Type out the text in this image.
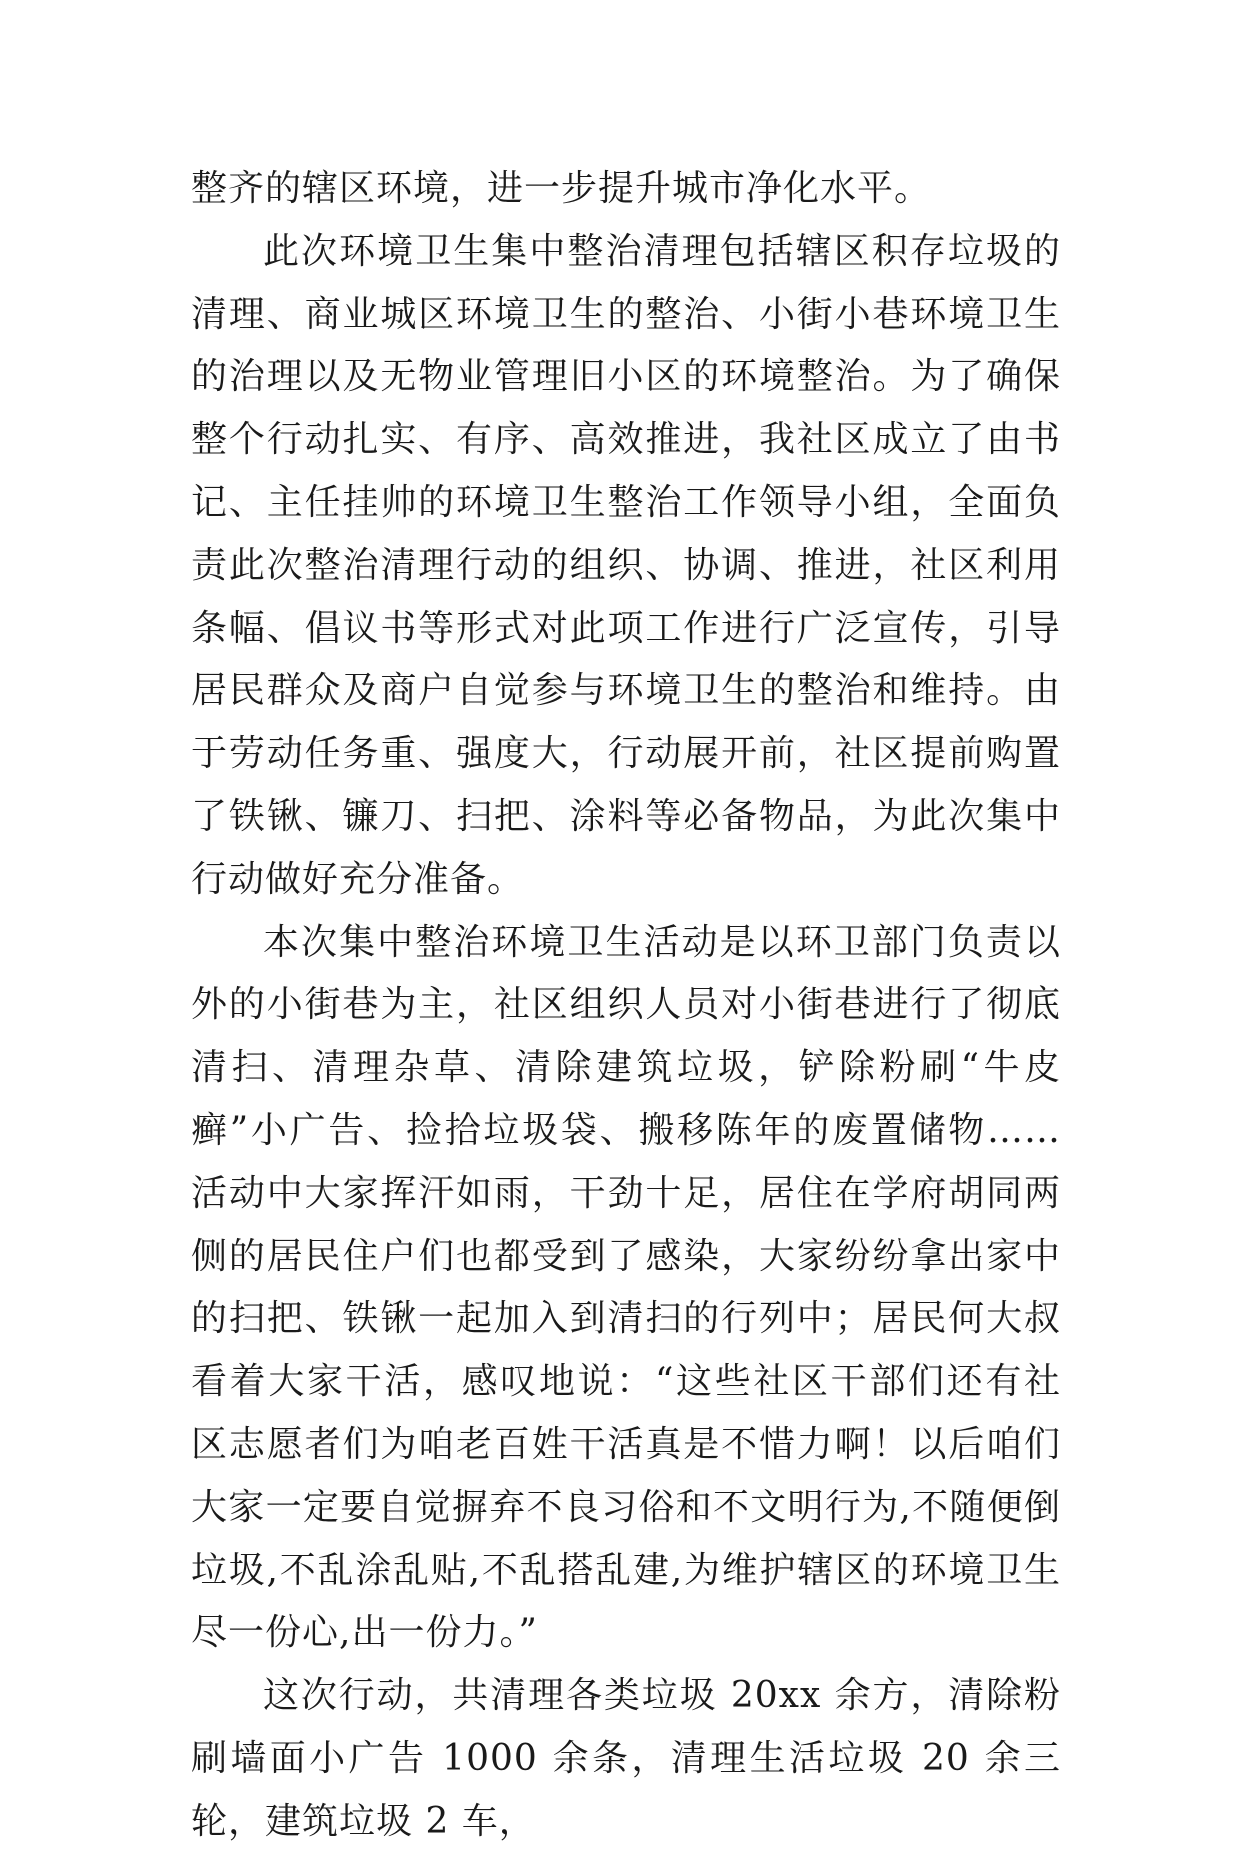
整齐的辖区环境，进一步提升城市净化水平。

此次环境卫生集中整治清理包括辖区积存垃圾的清理、商业城区环境卫生的整治、小街小巷环境卫生的治理以及无物业管理旧小区的环境整治。为了确保整个行动扎实、有序、高效推进，我社区成立了由书记、主任挂帅的环境卫生整治工作领导小组，全面负责此次整治清理行动的组织、协调、推进，社区利用条幅、倡议书等形式对此项工作进行广泛宣传，引导居民群众及商户自觉参与环境卫生的整治和维持。由于劳动任务重、强度大，行动展开前，社区提前购置了铁锹、镰刀、扫把、涂料等必备物品，为此次集中行动做好充分准备。

本次集中整治环境卫生活动是以环卫部门负责以外的小街巷为主，社区组织人员对小街巷进行了彻底清扫、清理杂草、清除建筑垃圾，铲除粉刷“牛皮癣”小广告、捡拾垃圾袋、搬移陈年的废置储物……活动中大家挥汗如雨，干劲十足，居住在学府胡同两侧的居民住户们也都受到了感染，大家纷纷拿出家中的扫把、铁锹一起加入到清扫的行列中；居民何大叔看着大家干活，感叹地说：“这些社区干部们还有社区志愿者们为咱老百姓干活真是不惜力啊！以后咱们大家一定要自觉摒弃不良习俗和不文明行为,不随便倒垃圾,不乱涂乱贴,不乱搭乱建,为维护辖区的环境卫生尽一份心,出一份力。”

这次行动，共清理各类垃圾 20xx 余方，清除粉刷墙面小广告 1000 余条，清理生活垃圾 20 余三轮，建筑垃圾 2 车，
